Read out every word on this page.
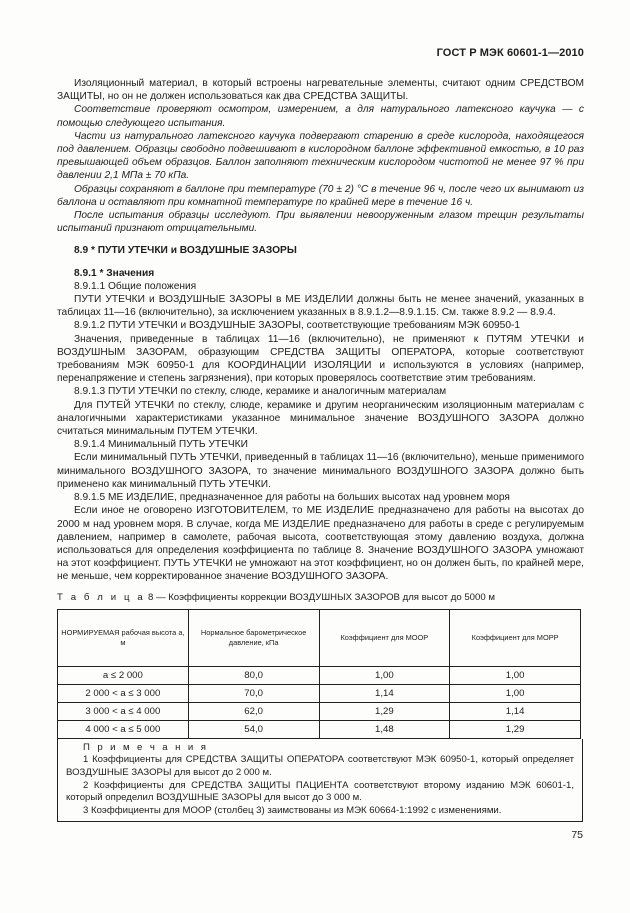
ГОСТ Р МЭК 60601-1—2010

Изоляционный материал, в который встроены нагревательные элементы, считают одним СРЕДСТВОМ ЗАЩИТЫ, но он не должен использоваться как два СРЕДСТВА ЗАЩИТЫ.

Соответствие проверяют осмотром, измерением, а для натурального латексного каучука — с помощью следующего испытания.

Части из натурального латексного каучука подвергают старению в среде кислорода, находящегося под давлением. Образцы свободно подвешивают в кислородном баллоне эффективной емкостью, в 10 раз превышающей объем образцов. Баллон заполняют техническим кислородом чистотой не менее 97 % при давлении 2,1 МПа ± 70 кПа.

Образцы сохраняют в баллоне при температуре (70 ± 2) °С в течение 96 ч, после чего их вынимают из баллона и оставляют при комнатной температуре по крайней мере в течение 16 ч.

После испытания образцы исследуют. При выявлении невооруженным глазом трещин результаты испытаний признают отрицательными.

8.9 * ПУТИ УТЕЧКИ и ВОЗДУШНЫЕ ЗАЗОРЫ

8.9.1 * Значения

8.9.1.1 Общие положения

ПУТИ УТЕЧКИ и ВОЗДУШНЫЕ ЗАЗОРЫ в МЕ ИЗДЕЛИИ должны быть не менее значений, указанных в таблицах 11—16 (включительно), за исключением указанных в 8.9.1.2—8.9.1.15. См. также 8.9.2 — 8.9.4.

8.9.1.2 ПУТИ УТЕЧКИ и ВОЗДУШНЫЕ ЗАЗОРЫ, соответствующие требованиям МЭК 60950-1

Значения, приведенные в таблицах 11—16 (включительно), не применяют к ПУТЯМ УТЕЧКИ и ВОЗДУШНЫМ ЗАЗОРАМ, образующим СРЕДСТВА ЗАЩИТЫ ОПЕРАТОРА, которые соответствуют требованиям МЭК 60950-1 для КООРДИНАЦИИ ИЗОЛЯЦИИ и используются в условиях (например, перенапряжение и степень загрязнения), при которых проверялось соответствие этим требованиям.

8.9.1.3 ПУТИ УТЕЧКИ по стеклу, слюде, керамике и аналогичным материалам

Для ПУТЕЙ УТЕЧКИ по стеклу, слюде, керамике и другим неорганическим изоляционным материалам с аналогичными характеристиками указанное минимальное значение ВОЗДУШНОГО ЗАЗОРА должно считаться минимальным ПУТЕМ УТЕЧКИ.

8.9.1.4 Минимальный ПУТЬ УТЕЧКИ

Если минимальный ПУТЬ УТЕЧКИ, приведенный в таблицах 11—16 (включительно), меньше применимого минимального ВОЗДУШНОГО ЗАЗОРА, то значение минимального ВОЗДУШНОГО ЗАЗОРА должно быть применено как минимальный ПУТЬ УТЕЧКИ.

8.9.1.5 МЕ ИЗДЕЛИЕ, предназначенное для работы на больших высотах над уровнем моря

Если иное не оговорено ИЗГОТОВИТЕЛЕМ, то МЕ ИЗДЕЛИЕ предназначено для работы на высотах до 2000 м над уровнем моря. В случае, когда МЕ ИЗДЕЛИЕ предназначено для работы в среде с регулируемым давлением, например в самолете, рабочая высота, соответствующая этому давлению воздуха, должна использоваться для определения коэффициента по таблице 8. Значение ВОЗДУШНОГО ЗАЗОРА умножают на этот коэффициент. ПУТЬ УТЕЧКИ не умножают на этот коэффициент, но он должен быть, по крайней мере, не меньше, чем корректированное значение ВОЗДУШНОГО ЗАЗОРА.

Т а б л и ц а 8 — Коэффициенты коррекции ВОЗДУШНЫХ ЗАЗОРОВ для высот до 5000 м

НОРМИРУЕМАЯ рабочая высота а, м	Нормальное барометрическое давление, кПа	Коэффициент для MOOP	Коэффициент для MOPP
a ≤ 2 000	80,0	1,00	1,00
2 000 < a ≤ 3 000	70,0	1,14	1,00
3 000 < a ≤ 4 000	62,0	1,29	1,14
4 000 < a ≤ 5 000	54,0	1,48	1,29

П р и м е ч а н и я

1 Коэффициенты для СРЕДСТВА ЗАЩИТЫ ОПЕРАТОРА соответствуют МЭК 60950-1, который определяет ВОЗДУШНЫЕ ЗАЗОРЫ для высот до 2 000 м.

2 Коэффициенты для СРЕДСТВА ЗАЩИТЫ ПАЦИЕНТА соответствуют второму изданию МЭК 60601-1, который определил ВОЗДУШНЫЕ ЗАЗОРЫ для высот до 3 000 м.

3 Коэффициенты для MOOP (столбец 3) заимствованы из МЭК 60664-1:1992 с изменениями.

75
